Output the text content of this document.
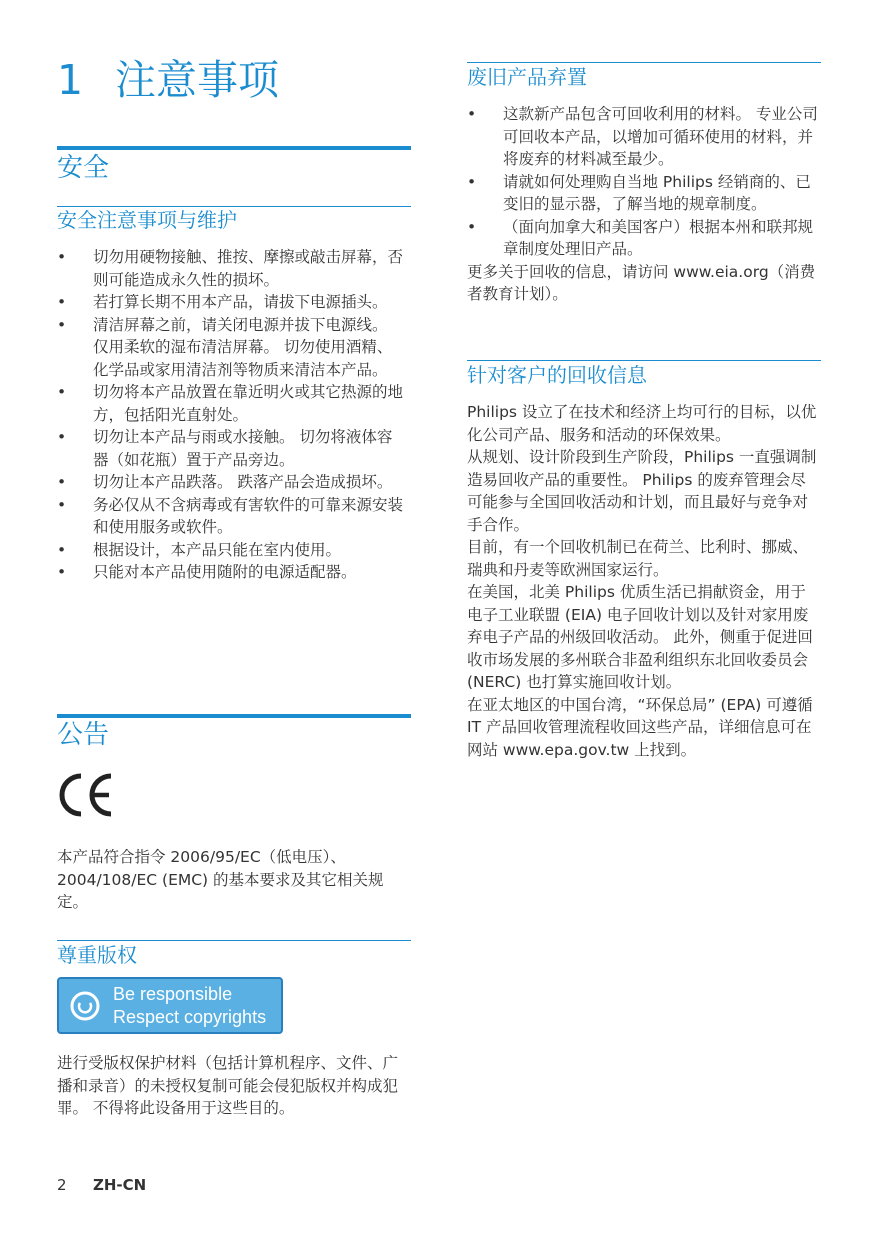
1 注意事项
安全
安全注意事项与维护
• 切勿用硬物接触、推按、摩擦或敲击屏幕，否则可能造成永久性的损坏。
• 若打算长期不用本产品，请拔下电源插头。
• 清洁屏幕之前，请关闭电源并拔下电源线。 仅用柔软的湿布清洁屏幕。 切勿使用酒精、化学品或家用清洁剂等物质来清洁本产品。
• 切勿将本产品放置在靠近明火或其它热源的地方，包括阳光直射处。
• 切勿让本产品与雨或水接触。 切勿将液体容器（如花瓶）置于产品旁边。
• 切勿让本产品跌落。 跌落产品会造成损坏。
• 务必仅从不含病毒或有害软件的可靠来源安装和使用服务或软件。
• 根据设计，本产品只能在室内使用。
• 只能对本产品使用随附的电源适配器。
公告
本产品符合指令 2006/95/EC（低电压）、2004/108/EC (EMC) 的基本要求及其它相关规定。
尊重版权
Be responsible
Respect copyrights
进行受版权保护材料（包括计算机程序、文件、广播和录音）的未授权复制可能会侵犯版权并构成犯罪。 不得将此设备用于这些目的。
废旧产品弃置
• 这款新产品包含可回收利用的材料。 专业公司可回收本产品，以增加可循环使用的材料，并将废弃的材料减至最少。
• 请就如何处理购自当地 Philips 经销商的、已变旧的显示器，了解当地的规章制度。
• （面向加拿大和美国客户）根据本州和联邦规章制度处理旧产品。

更多关于回收的信息，请访问 www.eia.org（消费者教育计划）。

针对客户的回收信息

Philips 设立了在技术和经济上均可行的目标，以优化公司产品、服务和活动的环保效果。

从规划、设计阶段到生产阶段，Philips 一直强调制造易回收产品的重要性。 Philips 的废弃管理会尽可能参与全国回收活动和计划，而且最好与竞争对手合作。

目前，有一个回收机制已在荷兰、比利时、挪威、瑞典和丹麦等欧洲国家运行。

在美国，北美 Philips 优质生活已捐献资金，用于电子工业联盟 (EIA) 电子回收计划以及针对家用废弃电子产品的州级回收活动。 此外，侧重于促进回收市场发展的多州联合非盈利组织东北回收委员会 (NERC) 也打算实施回收计划。

在亚太地区的中国台湾，“环保总局” (EPA) 可遵循 IT 产品回收管理流程收回这些产品，详细信息可在网站 www.epa.gov.tw 上找到。

2 ZH-CN
